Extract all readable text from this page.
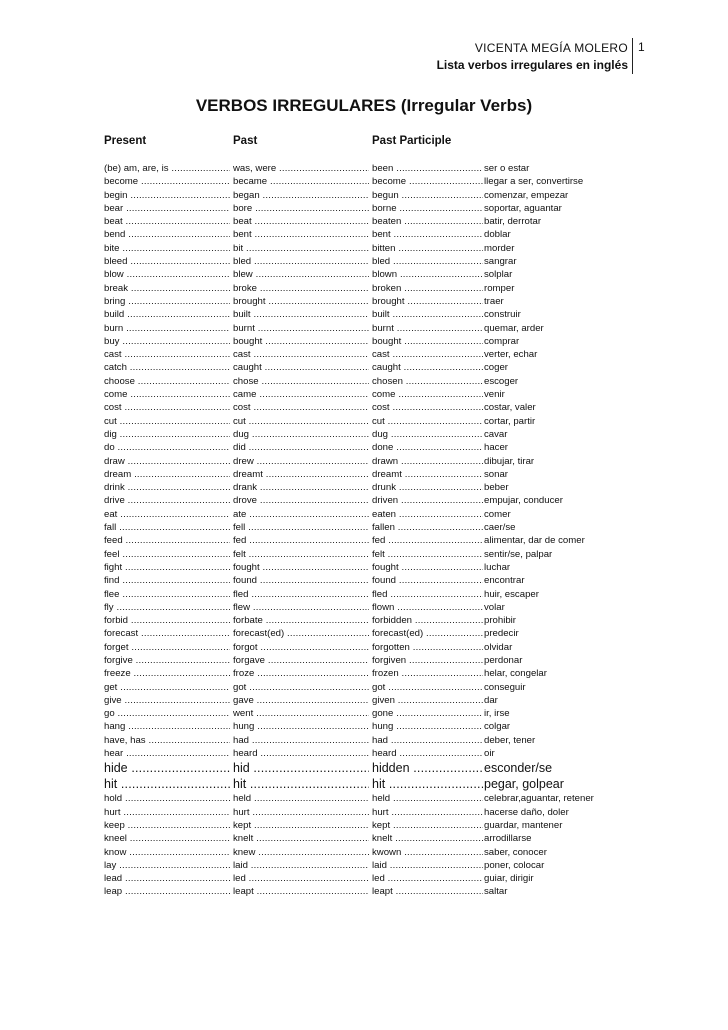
VICENTA MEGÍA MOLERO
Lista verbos irregulares en inglés
1
VERBOS IRREGULARES (Irregular Verbs)
Present	Past	Past Participle
(be) am, are, is .....	was, were .....	been .....	ser o estar
become .....	became .....	become .....	llegar a ser, convertirse
begin .....	began .....	begun .....	comenzar, empezar
bear .....	bore .....	borne .....	soportar, aguantar
beat .....	beat .....	beaten .....	batir, derrotar
bend .....	bent .....	bent .....	doblar
bite .....	bit .....	bitten .....	morder
bleed .....	bled .....	bled .....	sangrar
blow .....	blew .....	blown .....	solplar
break .....	broke .....	broken .....	romper
bring .....	brought .....	brought .....	traer
build .....	built .....	built .....	construir
burn .....	burnt .....	burnt .....	quemar, arder
buy .....	bought .....	bought .....	comprar
cast .....	cast .....	cast .....	verter, echar
catch .....	caught .....	caught .....	coger
choose .....	chose .....	chosen .....	escoger
come .....	came .....	come .....	venir
cost .....	cost .....	cost .....	costar, valer
cut .....	cut .....	cut .....	cortar, partir
dig .....	dug .....	dug .....	cavar
do .....	did .....	done .....	hacer
draw .....	drew .....	drawn .....	dibujar, tirar
dream .....	dreamt .....	dreamt .....	sonar
drink .....	drank .....	drunk .....	beber
drive .....	drove .....	driven .....	empujar, conducer
eat .....	ate .....	eaten .....	comer
fall .....	fell .....	fallen .....	caer/se
feed .....	fed .....	fed .....	alimentar, dar de comer
feel .....	felt .....	felt .....	sentir/se, palpar
fight .....	fought .....	fought .....	luchar
find .....	found .....	found .....	encontrar
flee .....	fled .....	fled .....	huir, escaper
fly .....	flew .....	flown .....	volar
forbid .....	forbate .....	forbidden .....	prohibir
forecast .....	forecast(ed) .....	forecast(ed) .....	predecir
forget .....	forgot .....	forgotten .....	olvidar
forgive .....	forgave .....	forgiven .....	perdonar
freeze .....	froze .....	frozen .....	helar, congelar
get .....	got .....	got .....	conseguir
give .....	gave .....	given .....	dar
go .....	went .....	gone .....	ir, irse
hang .....	hung .....	hung .....	colgar
have, has .....	had .....	had .....	deber, tener
hear .....	heard .....	heard .....	oir
hide .....	hid .....	hidden .....	esconder/se
hit .....	hit .....	hit .....	pegar, golpear
hold .....	held .....	held .....	celebrar,aguantar, retener
hurt .....	hurt .....	hurt .....	hacerse daño, doler
keep .....	kept .....	kept .....	guardar, mantener
kneel .....	knelt .....	knelt .....	arrodillarse
know .....	knew .....	kwown .....	saber, conocer
lay .....	laid .....	laid .....	poner, colocar
lead .....	led .....	led .....	guiar, dirigir
leap .....	leapt .....	leapt .....	saltar
